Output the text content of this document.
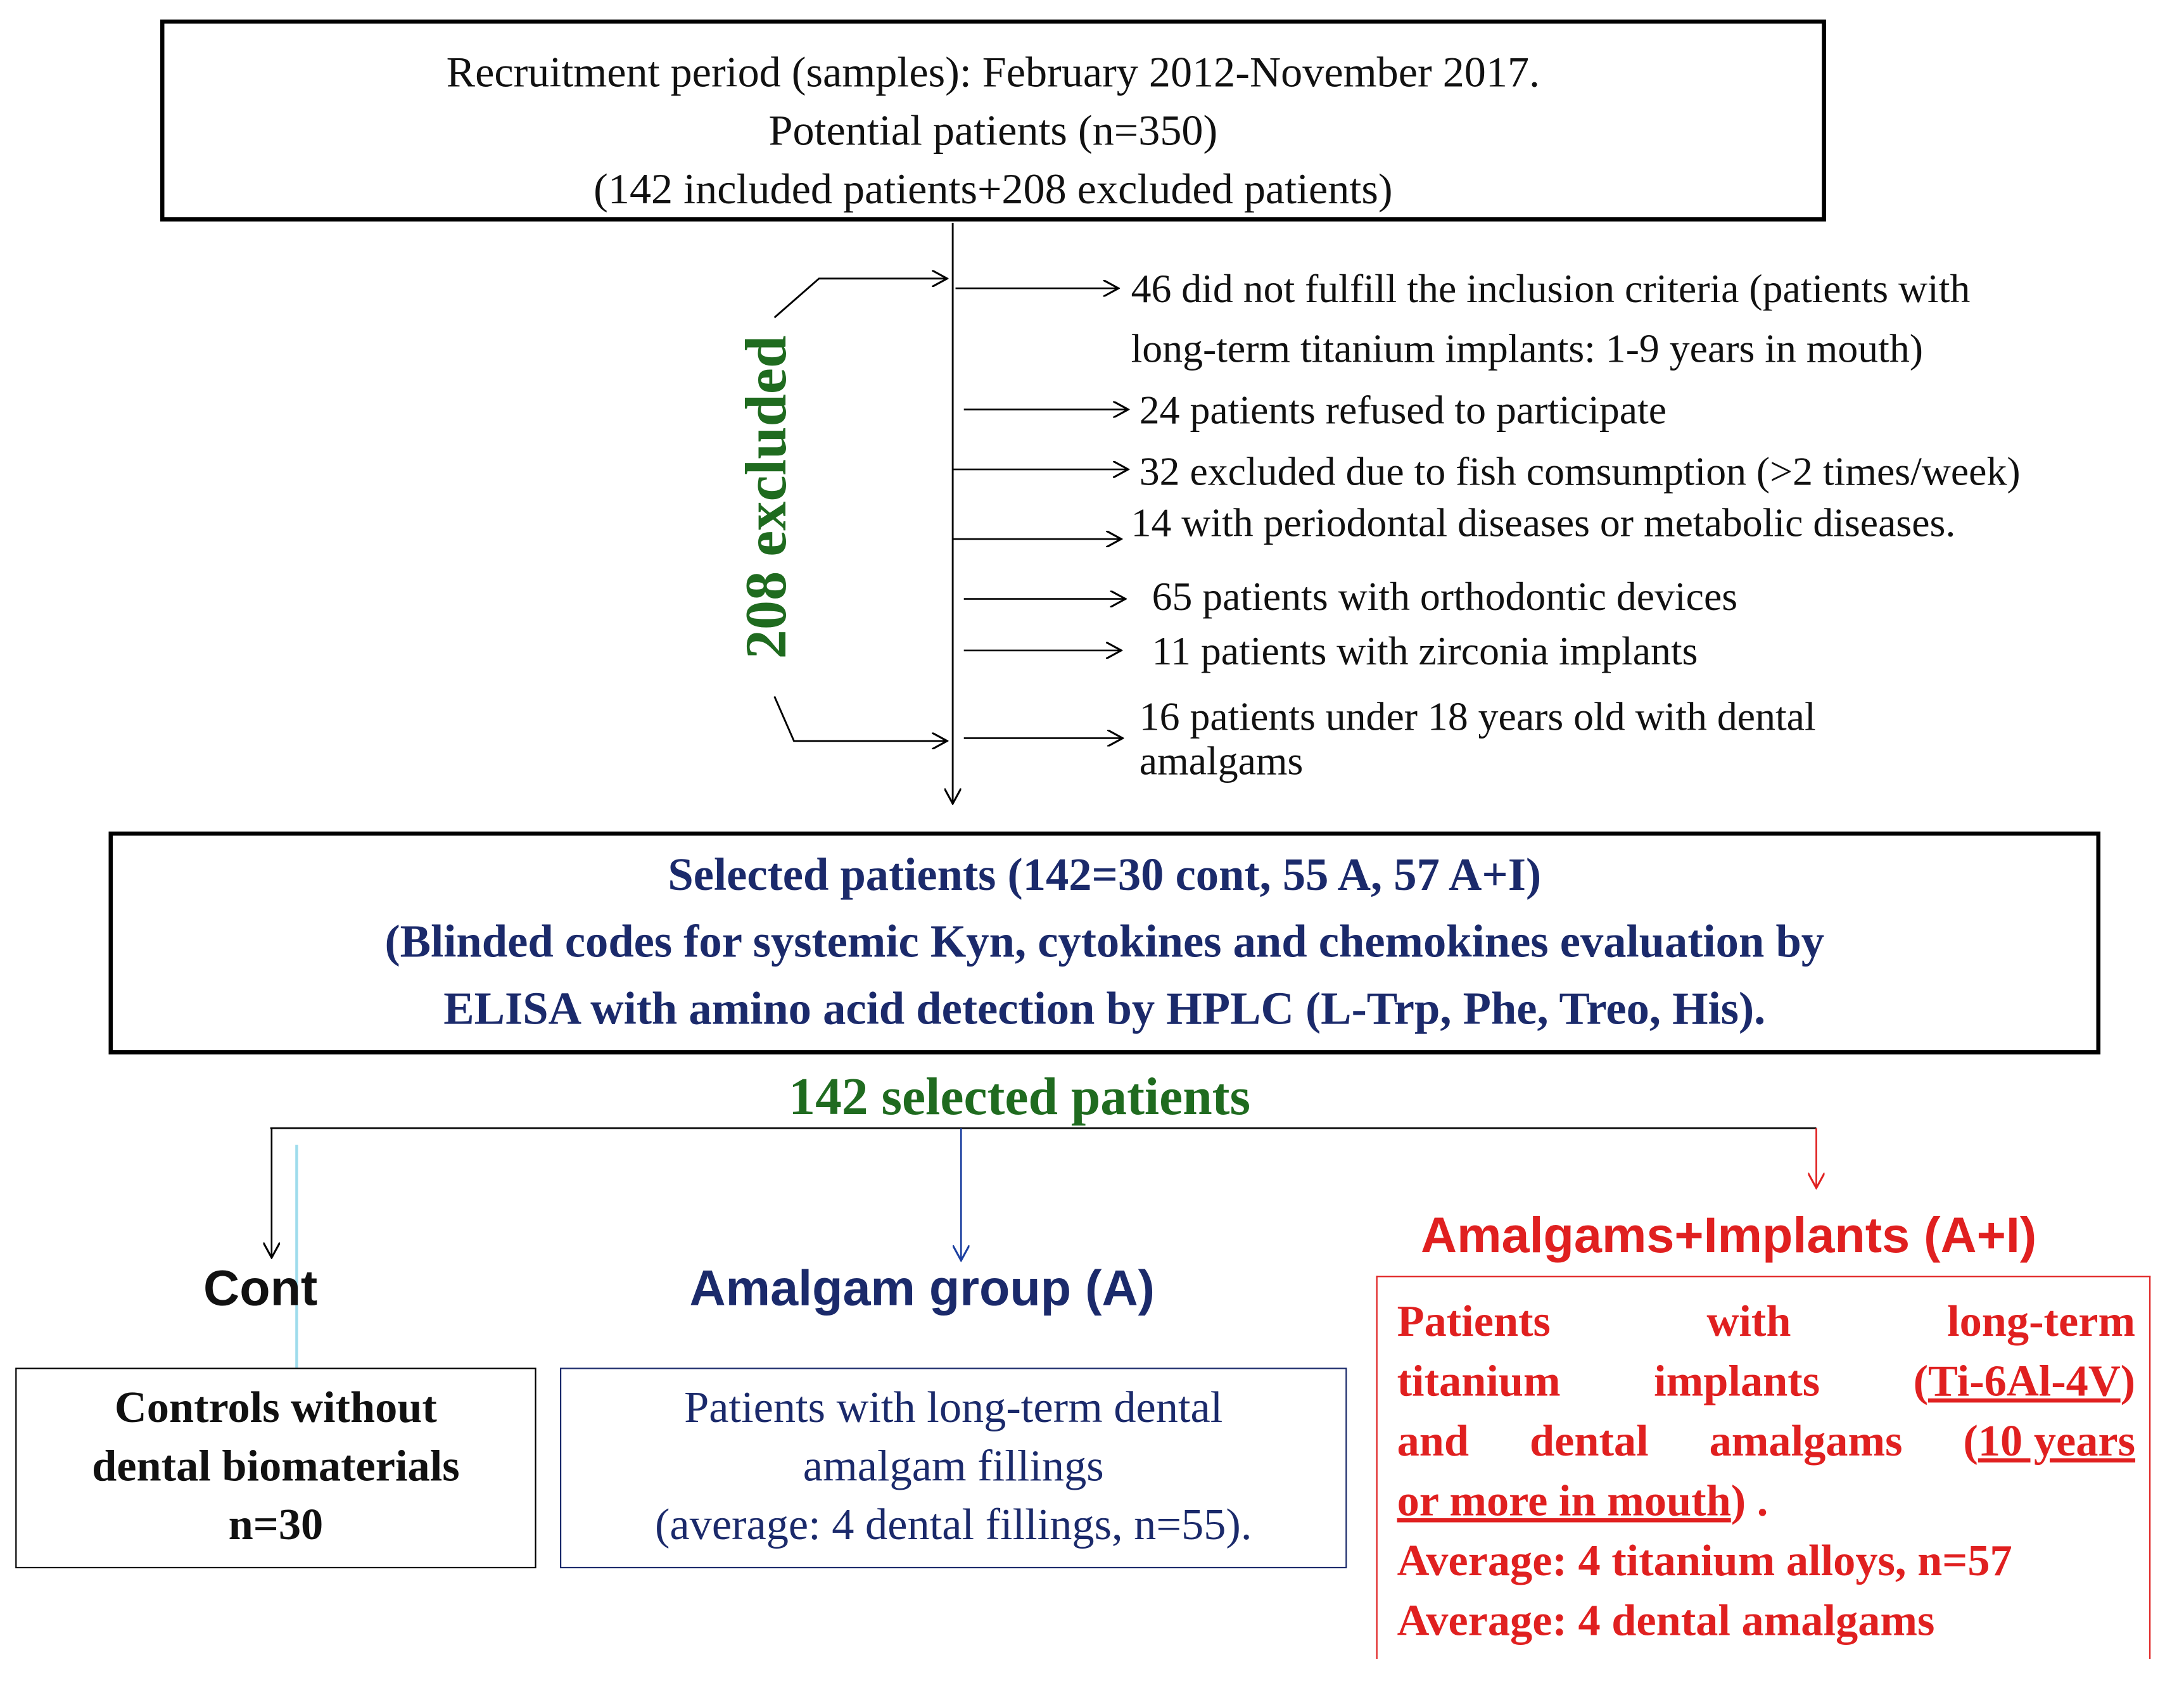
Recruitment period (samples): February 2012-November 2017.
Potential patients (n=350)
(142 included patients+208 excluded patients)
208 excluded
46 did not fulfill the inclusion criteria (patients with
long-term titanium implants: 1-9 years in mouth)
24 patients refused to participate
32 excluded due to fish comsumption (>2 times/week)
14 with periodontal diseases or metabolic diseases.
65 patients with orthodontic devices
11 patients with zirconia implants
16 patients under 18 years old with dental
amalgams
Selected patients (142=30 cont, 55 A, 57 A+I)
(Blinded codes for systemic Kyn, cytokines and chemokines evaluation by
ELISA with amino acid detection by HPLC (L-Trp, Phe, Treo, His).
142 selected patients
Cont	Amalgam group (A)
Amalgams+Implants (A+I)
Controls without
dental biomaterials
n=30
Patients with long-term dental
amalgam fillings
(average: 4 dental fillings, n=55).
Patients	with	long-term
titanium	implants	(Ti-6Al-4V)
and	dental	amalgams	(10 years
or more in mouth) .
Average: 4 titanium alloys, n=57
Average: 4 dental amalgams
